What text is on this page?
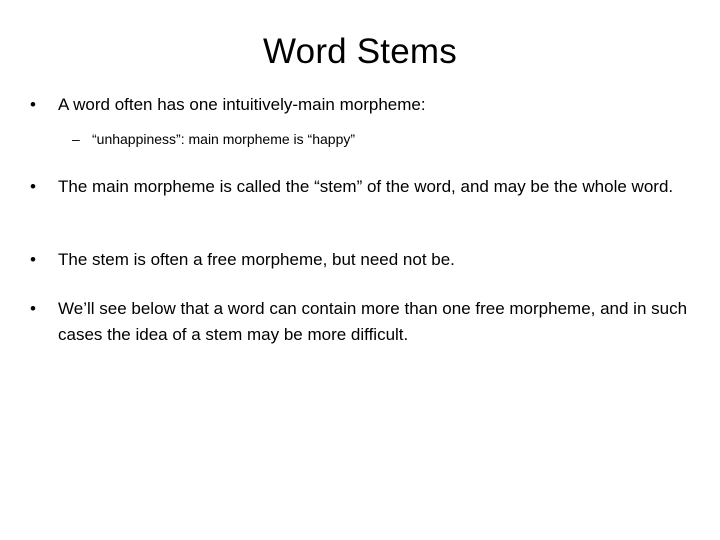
Word Stems
•	A word often has one intuitively-main morpheme:
– “unhappiness”: main morpheme is “happy”
•	The main morpheme is called the “stem” of the word, and may be the whole word.
•	The stem is often a free morpheme, but need not be.
•	We’ll see below that a word can contain more than one free morpheme, and in such cases the idea of a stem may be more difficult.
